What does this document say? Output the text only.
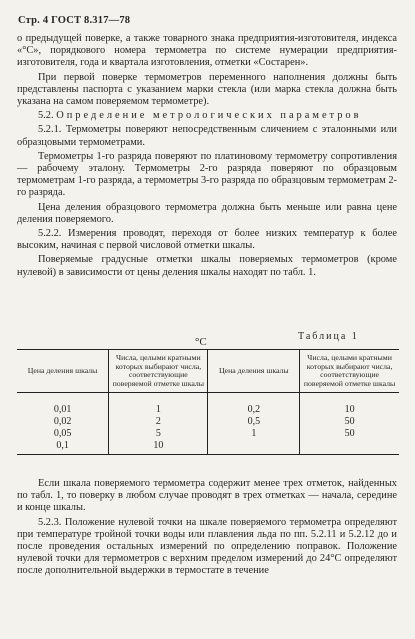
Стр. 4 ГОСТ 8.317—78

о предыдущей поверке, а также товарного знака предприятия-изготовителя, индекса «°С», порядкового номера термометра по системе нумерации предприятия-изготовителя, года и квартала изготовления, отметки «Состарен».

При первой поверке термометров переменного наполнения должны быть представлены паспорта с указанием марки стекла (или марка стекла должна быть указана на самом поверяемом термометре).

5.2. Определение метрологических параметров

5.2.1. Термометры поверяют непосредственным сличением с эталонными или образцовыми термометрами.

Термометры 1-го разряда поверяют по платиновому термометру сопротивления — рабочему эталону. Термометры 2-го разряда поверяют по образцовым термометрам 1-го разряда, а термометры 3-го разряда по образцовым термометрам 2-го разряда.

Цена деления образцового термометра должна быть меньше или равна цене деления поверяемого.

5.2.2. Измерения проводят, переходя от более низких температур к более высоким, начиная с первой числовой отметки шкалы.

Поверяемые градусные отметки шкалы поверяемых термометров (кроме нулевой) в зависимости от цены деления шкалы находят по табл. 1.

Таблица 1
°С
Цена деления шкалы	Числа, целыми кратными которых выбирают числа, соответствующие поверяемой отметке шкалы	Цена деления шкалы	Числа, целыми кратными которых выбирают числа, соответствующие поверяемой отметке шкалы
0,01	1	0,2	10
0,02	2	0,5	50
0,05	5	1	50
0,1	10		

Если шкала поверяемого термометра содержит менее трех отметок, найденных по табл. 1, то поверку в любом случае проводят в трех отметках — начала, середине и конце шкалы.

5.2.3. Положение нулевой точки на шкале поверяемого термометра определяют при температуре тройной точки воды или плавления льда по пп. 5.2.11 и 5.2.12 до и после проведения остальных измерений по определению поправок. Положение нулевой точки для термометров с верхним пределом измерений до 24°С определяют после дополнительной выдержки в термостате в течение
